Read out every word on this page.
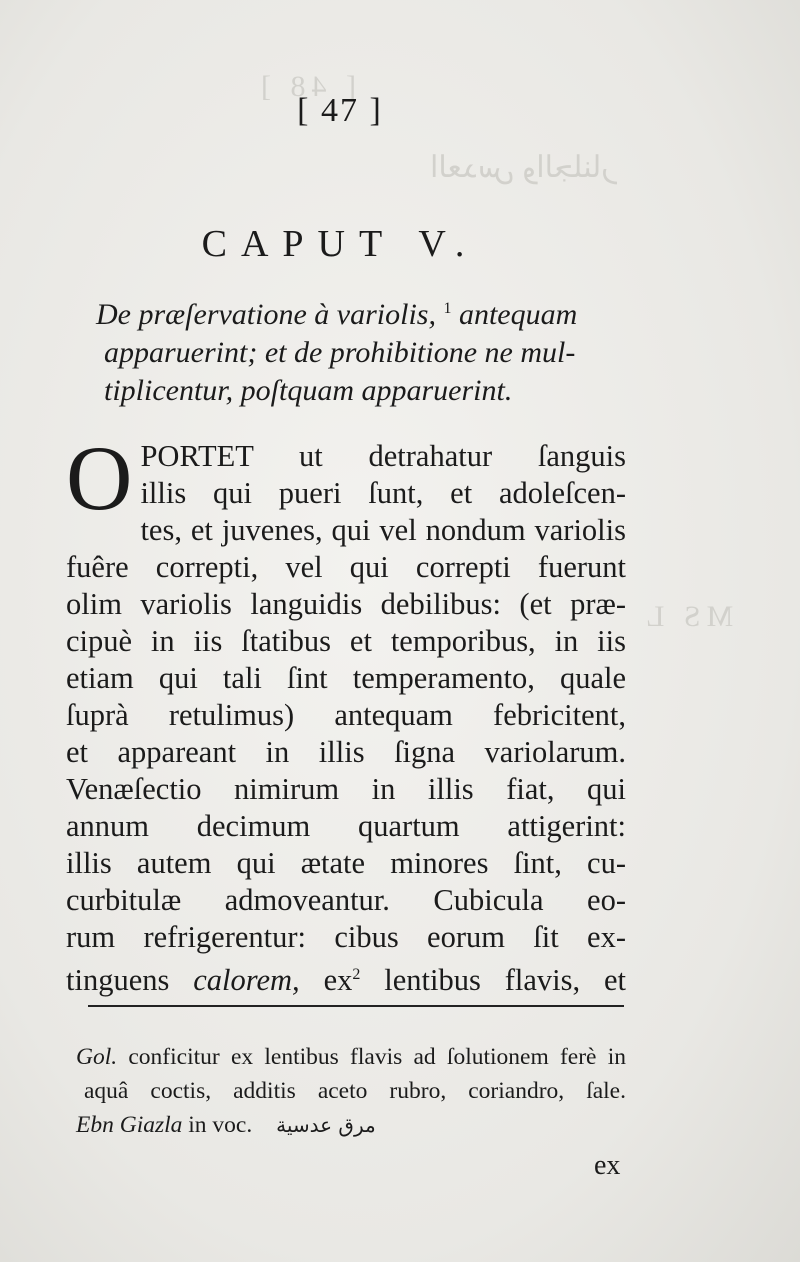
[ 48 ]
ﺍﻟﻌﺪﺱ ﻭﺍﻟﺠﻠﻨﺎﺭ
MS L
[ 47 ]
CAPUT V.
De præſervatione à variolis, $^1$ antequam
apparuerint; et de prohibitione ne mul-
tiplicentur, poſtquam apparuerint.
O PORTET ut detrahatur ſanguis
illis qui pueri ſunt, et adoleſcen-
tes, et juvenes, qui vel nondum variolis
fuêre correpti, vel qui correpti fuerunt
olim variolis languidis debilibus: (et præ-
cipuè in iis ſtatibus et temporibus, in iis
etiam qui tali ſint temperamento, quale
ſuprà retulimus) antequam febricitent,
et appareant in illis ſigna variolarum.
Venæſectio nimirum in illis fiat, qui
annum decimum quartum attigerint:
illis autem qui ætate minores ſint, cu-
curbitulæ admoveantur. Cubicula eo-
rum refrigerentur: cibus eorum ſit ex-
tinguens calorem, ex$^2$ lentibus flavis, et
Gol. conficitur ex lentibus flavis ad ſolutionem ferè in
aquâ coctis, additis aceto rubro, coriandro, ſale.
Ebn Giazla in voc. مرق عدسية
ex
